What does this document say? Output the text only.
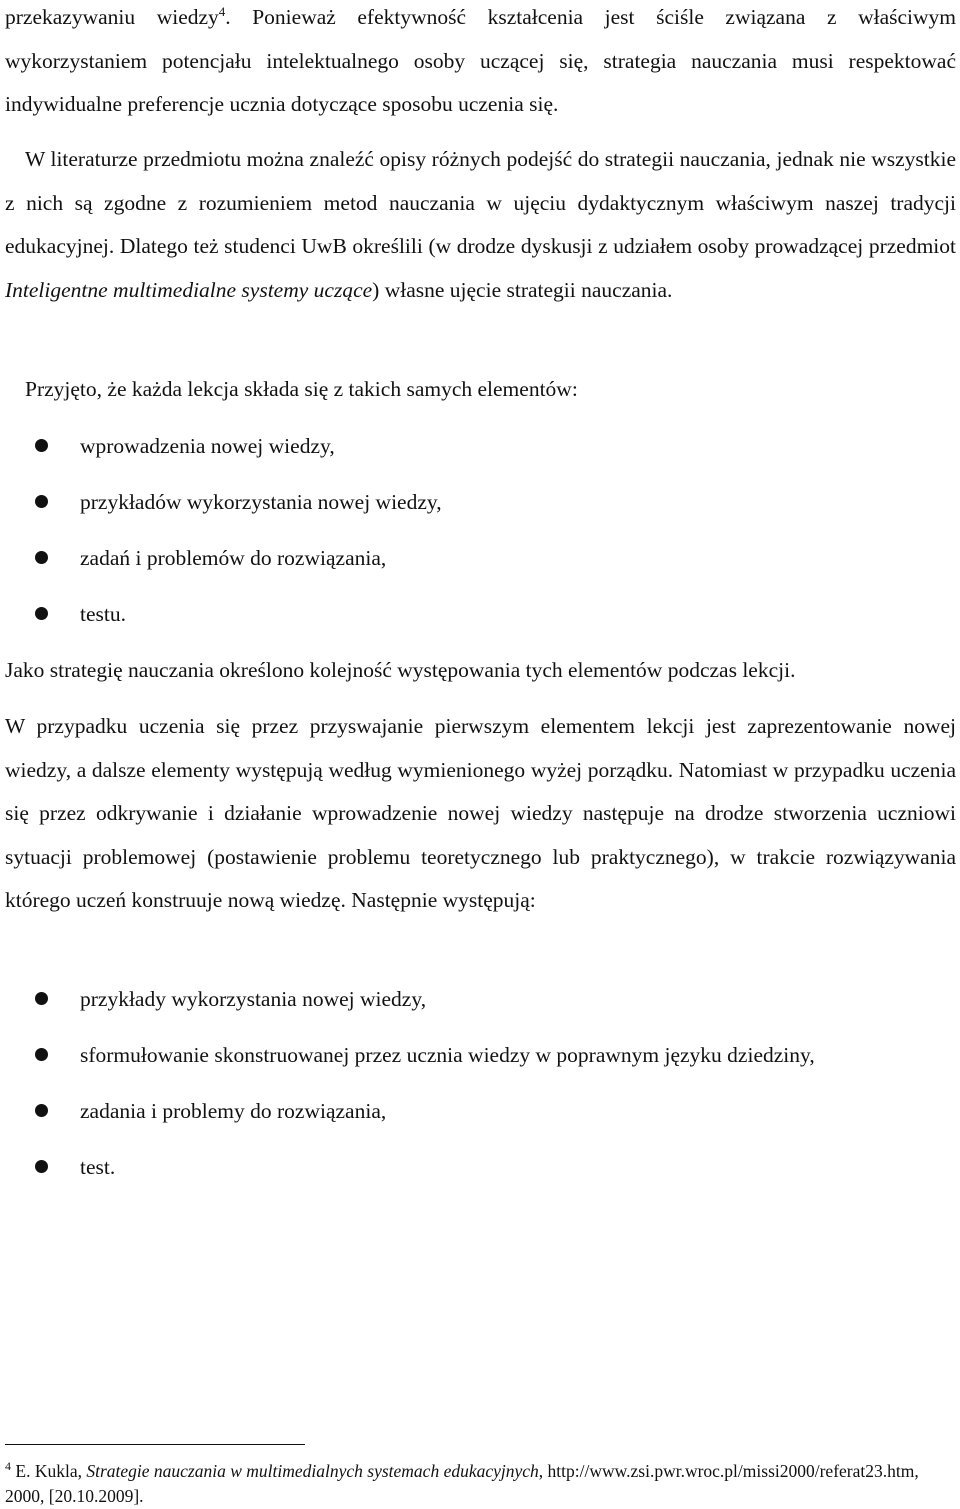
przekazywaniu wiedzy$^4$. Ponieważ efektywność kształcenia jest ściśle związana z właściwym wykorzystaniem potencjału intelektualnego osoby uczącej się, strategia nauczania musi respektować indywidualne preferencje ucznia dotyczące sposobu uczenia się.

W literaturze przedmiotu można znaleźć opisy różnych podejść do strategii nauczania, jednak nie wszystkie z nich są zgodne z rozumieniem metod nauczania w ujęciu dydaktycznym właściwym naszej tradycji edukacyjnej. Dlatego też studenci UwB określili (w drodze dyskusji z udziałem osoby prowadzącej przedmiot Inteligentne multimedialne systemy uczące) własne ujęcie strategii nauczania.

Przyjęto, że każda lekcja składa się z takich samych elementów:

wprowadzenia nowej wiedzy,
przykładów wykorzystania nowej wiedzy,
zadań i problemów do rozwiązania,
testu.

Jako strategię nauczania określono kolejność występowania tych elementów podczas lekcji.

W przypadku uczenia się przez przyswajanie pierwszym elementem lekcji jest zaprezentowanie nowej wiedzy, a dalsze elementy występują według wymienionego wyżej porządku. Natomiast w przypadku uczenia się przez odkrywanie i działanie wprowadzenie nowej wiedzy następuje na drodze stworzenia uczniowi sytuacji problemowej (postawienie problemu teoretycznego lub praktycznego), w trakcie rozwiązywania którego uczeń konstruuje nową wiedzę. Następnie występują:

przykłady wykorzystania nowej wiedzy,
sformułowanie skonstruowanej przez ucznia wiedzy w poprawnym języku dziedziny,
zadania i problemy do rozwiązania,
test.
$^4$ E. Kukla, Strategie nauczania w multimedialnych systemach edukacyjnych, http://www.zsi.pwr.wroc.pl/missi2000/referat23.htm, 2000, [20.10.2009].
